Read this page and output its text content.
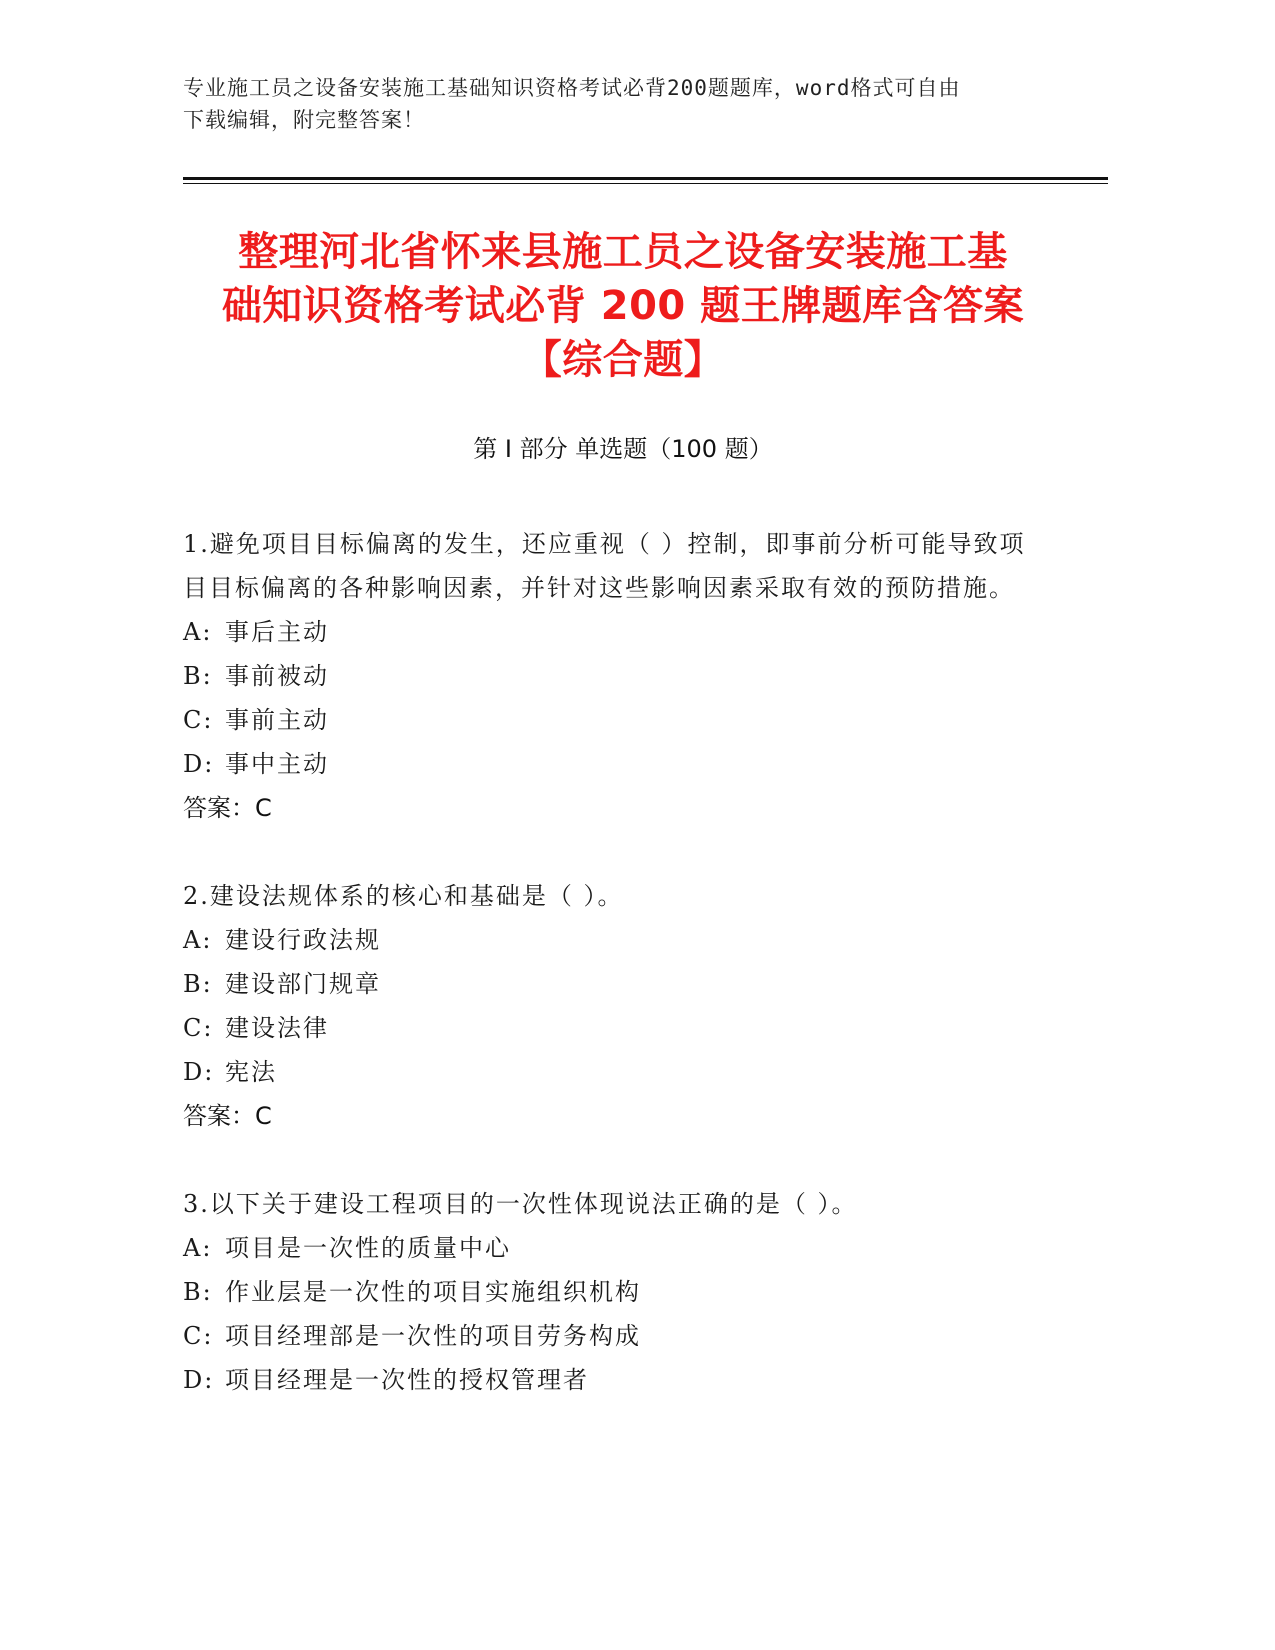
专业施工员之设备安装施工基础知识资格考试必背200题题库，word格式可自由
下载编辑，附完整答案！
整理河北省怀来县施工员之设备安装施工基
础知识资格考试必背 200 题王牌题库含答案
【综合题】
第 I 部分 单选题（100 题）
1.避免项目目标偏离的发生，还应重视（ ）控制，即事前分析可能导致项目目标偏离的各种影响因素，并针对这些影响因素采取有效的预防措施。
A: 事后主动
B: 事前被动
C: 事前主动
D: 事中主动
答案：C
2.建设法规体系的核心和基础是（ ）。
A: 建设行政法规
B: 建设部门规章
C: 建设法律
D: 宪法
答案：C
3.以下关于建设工程项目的一次性体现说法正确的是（ ）。
A: 项目是一次性的质量中心
B: 作业层是一次性的项目实施组织机构
C: 项目经理部是一次性的项目劳务构成
D: 项目经理是一次性的授权管理者
